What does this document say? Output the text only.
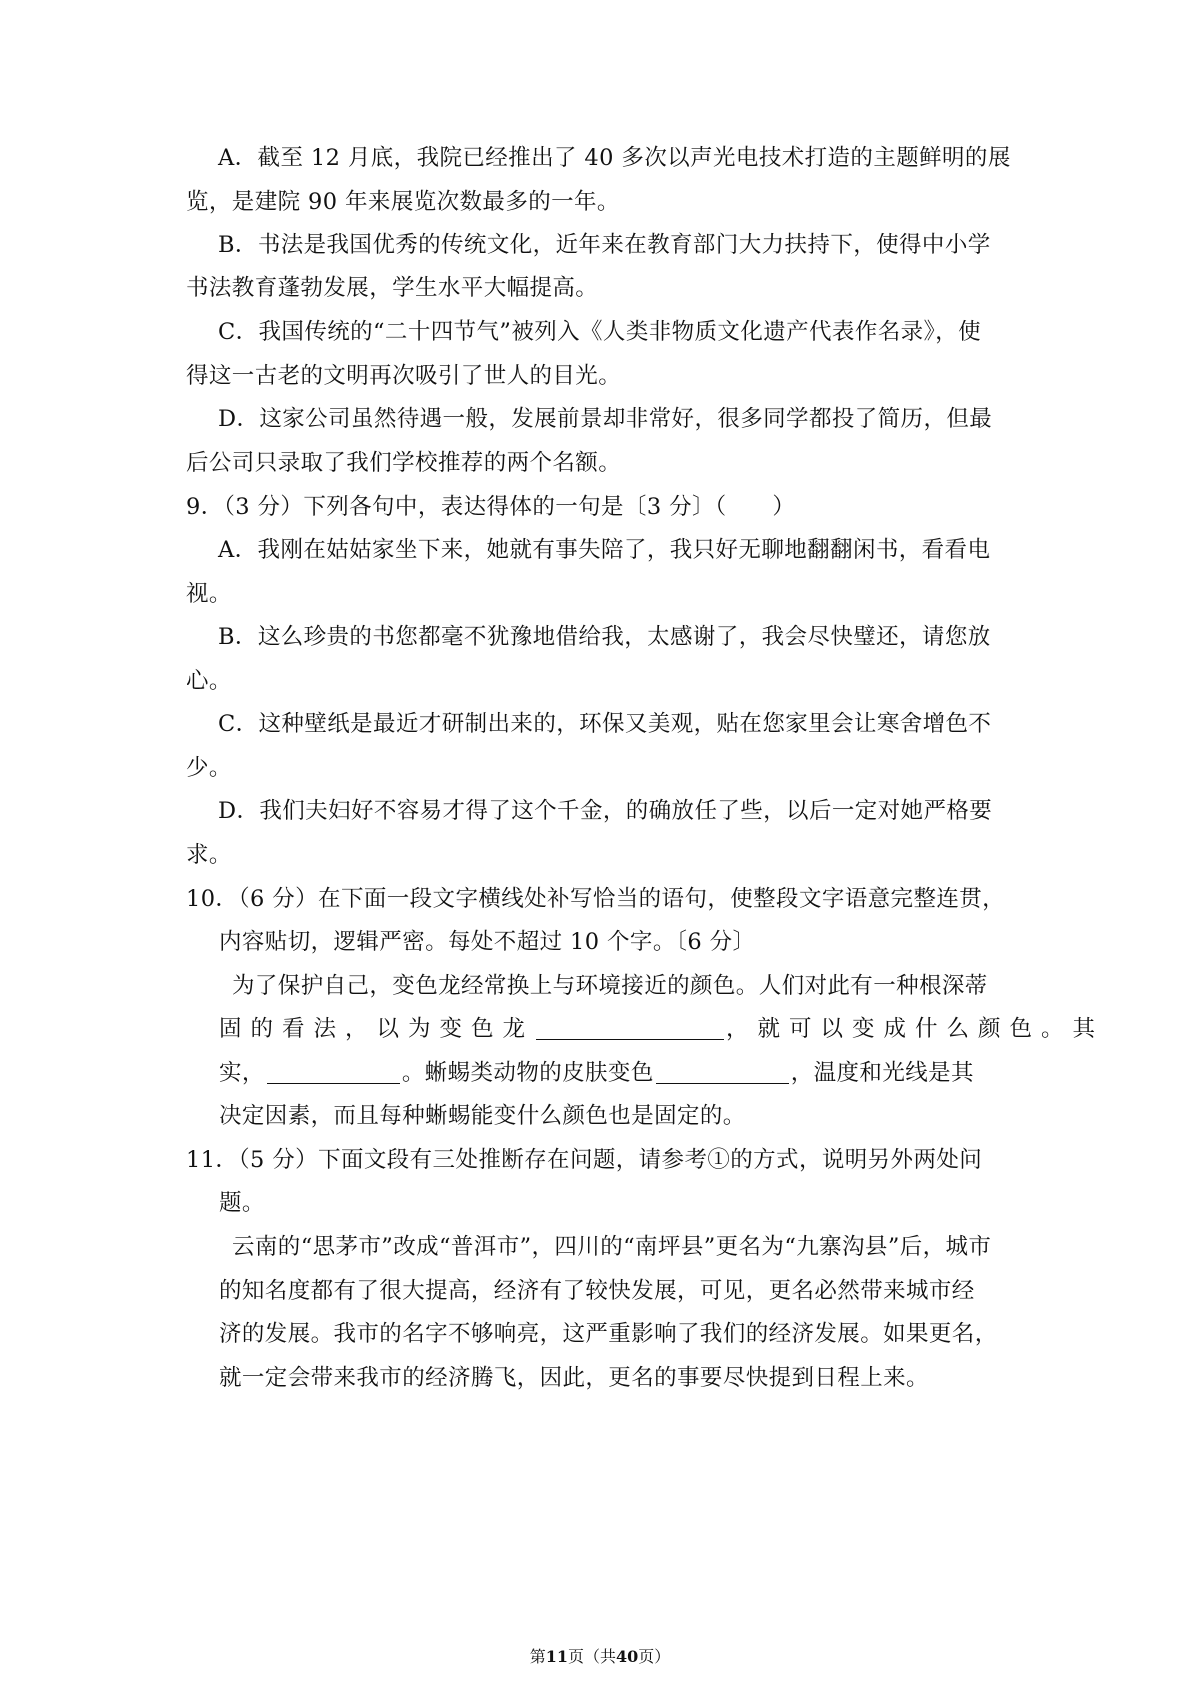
A．截至 12 月底，我院已经推出了 40 多次以声光电技术打造的主题鲜明的展
览，是建院 90 年来展览次数最多的一年。
B．书法是我国优秀的传统文化，近年来在教育部门大力扶持下，使得中小学
书法教育蓬勃发展，学生水平大幅提高。
C．我国传统的“二十四节气”被列入《人类非物质文化遗产代表作名录》，使
得这一古老的文明再次吸引了世人的目光。
D．这家公司虽然待遇一般，发展前景却非常好，很多同学都投了简历，但最
后公司只录取了我们学校推荐的两个名额。
9．（3 分）下列各句中，表达得体的一句是〔3 分〕（　　）
A．我刚在姑姑家坐下来，她就有事失陪了，我只好无聊地翻翻闲书，看看电
视。
B．这么珍贵的书您都毫不犹豫地借给我，太感谢了，我会尽快璧还，请您放
心。
C．这种壁纸是最近才研制出来的，环保又美观，贴在您家里会让寒舍增色不
少。
D．我们夫妇好不容易才得了这个千金，的确放任了些，以后一定对她严格要
求。
10．（6 分）在下面一段文字横线处补写恰当的语句，使整段文字语意完整连贯，
内容贴切，逻辑严密。每处不超过 10 个字。〔6 分〕
为了保护自己，变色龙经常换上与环境接近的颜色。人们对此有一种根深蒂
固的看法，以为变色龙	，就可以变成什么颜色。其
实，	。蜥蜴类动物的皮肤变色	，温度和光线是其
决定因素，而且每种蜥蜴能变什么颜色也是固定的。
11．（5 分）下面文段有三处推断存在问题，请参考①的方式，说明另外两处问
题。
云南的“思茅市”改成“普洱市”，四川的“南坪县”更名为“九寨沟县”后，城市
的知名度都有了很大提高，经济有了较快发展，可见，更名必然带来城市经
济的发展。我市的名字不够响亮，这严重影响了我们的经济发展。如果更名，
就一定会带来我市的经济腾飞，因此，更名的事要尽快提到日程上来。
第11页（共40页）
